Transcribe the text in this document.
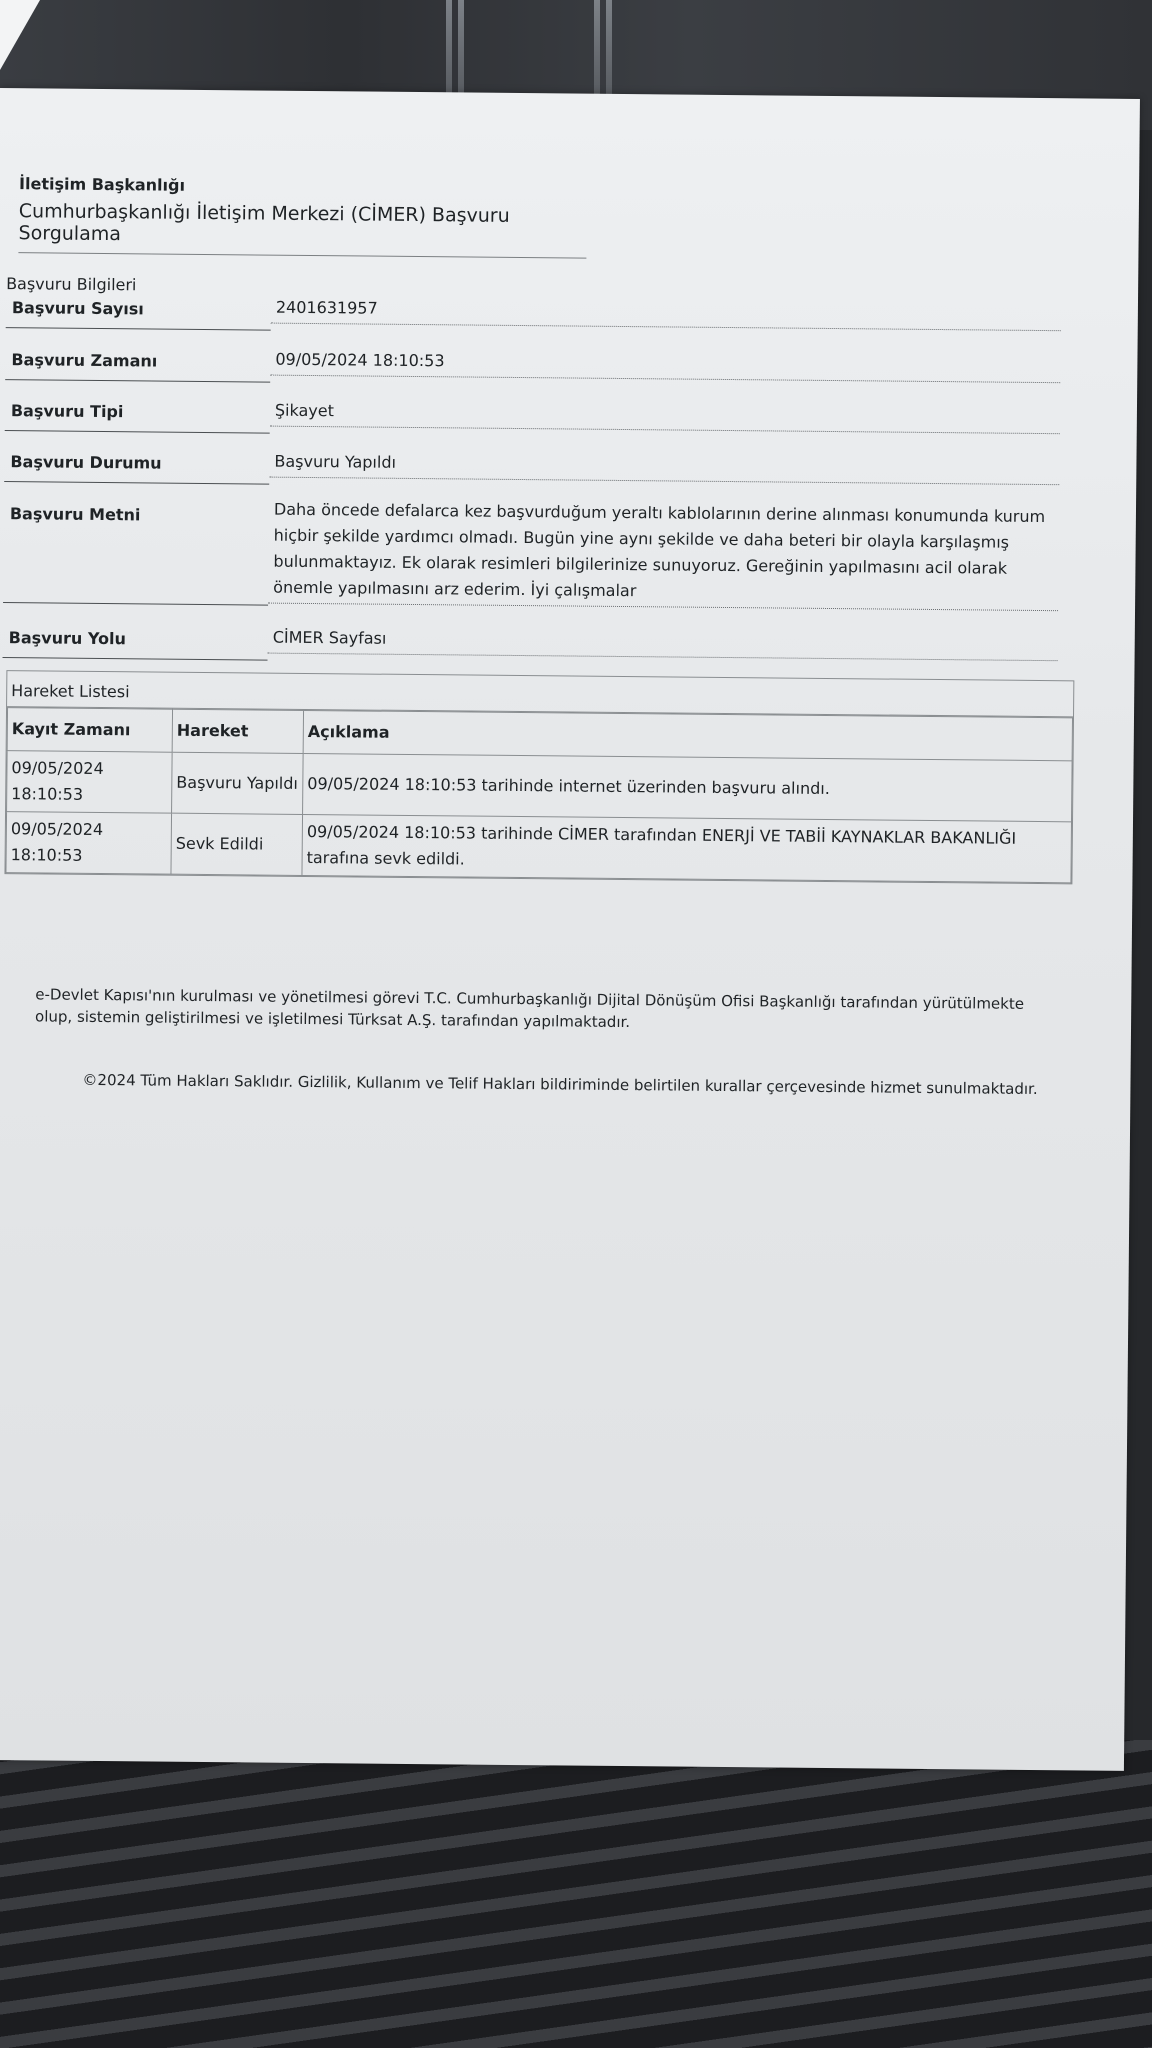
İletişim Başkanlığı
Cumhurbaşkanlığı İletişim Merkezi (CİMER) Başvuru Sorgulama
Başvuru Bilgileri
Başvuru Sayısı	2401631957
Başvuru Zamanı	09/05/2024 18:10:53
Başvuru Tipi	Şikayet
Başvuru Durumu	Başvuru Yapıldı
Başvuru Metni	Daha öncede defalarca kez başvurduğum yeraltı kablolarının derine alınması konumunda kurum hiçbir şekilde yardımcı olmadı. Bugün yine aynı şekilde ve daha beteri bir olayla karşılaşmış bulunmaktayız. Ek olarak resimleri bilgilerinize sunuyoruz. Gereğinin yapılmasını acil olarak önemle yapılmasını arz ederim. İyi çalışmalar
Başvuru Yolu	CİMER Sayfası
Hareket Listesi
Kayıt Zamanı	Hareket	Açıklama
09/05/2024 18:10:53	Başvuru Yapıldı	09/05/2024 18:10:53 tarihinde internet üzerinden başvuru alındı.
09/05/2024 18:10:53	Sevk Edildi	09/05/2024 18:10:53 tarihinde CİMER tarafından ENERJİ VE TABİİ KAYNAKLAR BAKANLIĞI tarafına sevk edildi.
e-Devlet Kapısı'nın kurulması ve yönetilmesi görevi T.C. Cumhurbaşkanlığı Dijital Dönüşüm Ofisi Başkanlığı tarafından yürütülmekte olup, sistemin geliştirilmesi ve işletilmesi Türksat A.Ş. tarafından yapılmaktadır.
©2024 Tüm Hakları Saklıdır. Gizlilik, Kullanım ve Telif Hakları bildiriminde belirtilen kurallar çerçevesinde hizmet sunulmaktadır.
